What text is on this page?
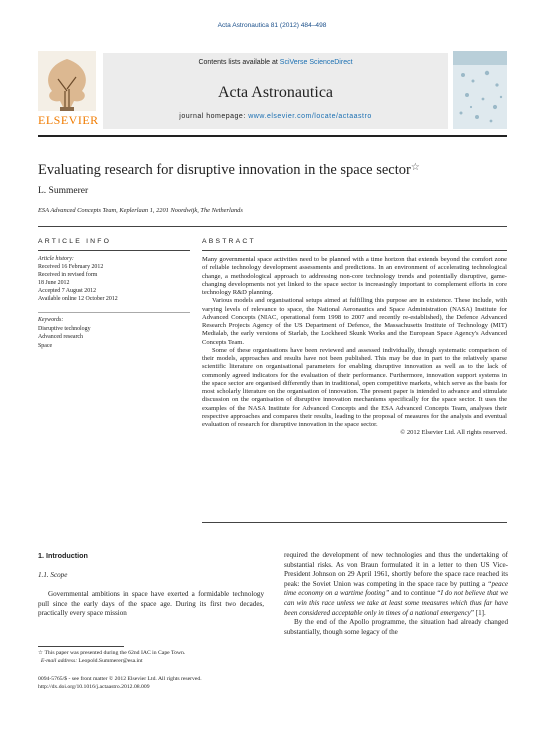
Acta Astronautica 81 (2012) 484–498
ELSEVIER
Contents lists available at SciVerse ScienceDirect
Acta Astronautica
journal homepage: www.elsevier.com/locate/actaastro
Evaluating research for disruptive innovation in the space sector☆
L. Summerer
ESA Advanced Concepts Team, Keplerlaan 1, 2201 Noordwijk, The Netherlands
ARTICLE INFO
Article history:
Received 16 February 2012
Received in revised form
18 June 2012
Accepted 7 August 2012
Available online 12 October 2012
Keywords:
Disruptive technology
Advanced research
Space
ABSTRACT

Many governmental space activities need to be planned with a time horizon that extends beyond the comfort zone of reliable technology development assessments and predictions. In an environment of accelerating technological change, a methodological approach to addressing non-core technology trends and potentially disruptive, game-changing developments not yet linked to the space sector is increasingly important to complement efforts in core technology R&D planning.

Various models and organisational setups aimed at fulfilling this purpose are in existence. These include, with varying levels of relevance to space, the National Aeronautics and Space Administration (NASA) Institute for Advanced Concepts (NIAC, operational form 1998 to 2007 and recently re-established), the Defence Advanced Research Projects Agency of the US Department of Defence, the Massachusetts Institute of Technology (MIT) Medialab, the early versions of Starlab, the Lockheed Skunk Works and the European Space Agency's Advanced Concepts Team.

Some of these organisations have been reviewed and assessed individually, though systematic comparison of their models, approaches and results have not been published. This may be due in part to the relatively sparse scientific literature on organisational parameters for enabling disruptive innovation as well as to the lack of commonly agreed indicators for the evaluation of their performance. Furthermore, innovation support systems in the space sector are organised differently than in traditional, open competitive markets, which serve as the basis for most scholarly literature on the organisation of innovation. The present paper is intended to advance and stimulate discussion on the organisation of disruptive innovation mechanisms specifically for the space sector. It uses the examples of the NASA Institute for Advanced Concepts and the ESA Advanced Concepts Team, analyses their respective approaches and compares their results, leading to the proposal of measures for the analysis and eventual evaluation of research for disruptive innovation in the space sector.

© 2012 Elsevier Ltd. All rights reserved.
1. Introduction
1.1. Scope

Governmental ambitions in space have exerted a formidable technology pull since the early days of the space age. During its first two decades, practically every space mission

required the development of new technologies and thus the undertaking of substantial risks. As von Braun formulated it in a letter to then US Vice-President Johnson on 29 April 1961, shortly before the space race reached its peak: the Soviet Union was competing in the space race by putting a “peace time economy on a wartime footing” and to continue “I do not believe that we can win this race unless we take at least some measures which thus far have been considered acceptable only in times of a national emergency” [1].

By the end of the Apollo programme, the situation had already changed substantially, though some legacy of the

☆ This paper was presented during the 62nd IAC in Cape Town.
E-mail address: Leopold.Summerer@esa.int
0094-5765/$ - see front matter © 2012 Elsevier Ltd. All rights reserved.
http://dx.doi.org/10.1016/j.actaastro.2012.08.009
